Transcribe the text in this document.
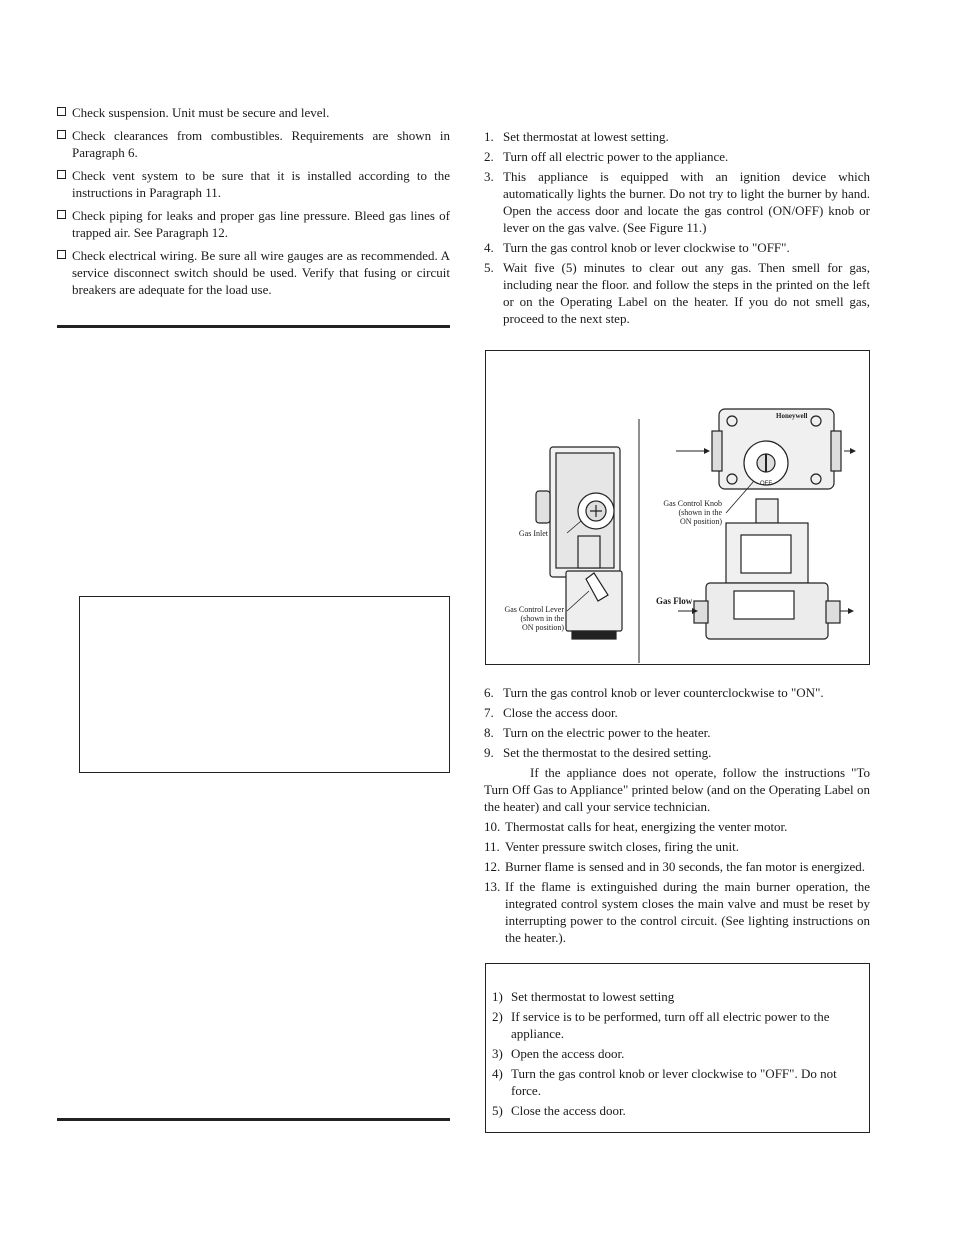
Check suspension. Unit must be secure and level.
Check clearances from combustibles. Requirements are shown in Paragraph 6.
Check vent system to be sure that it is installed according to the instructions in Paragraph 11.
Check piping for leaks and proper gas line pressure. Bleed gas lines of trapped air. See Paragraph 12.
Check electrical wiring. Be sure all wire gauges are as recommended. A service disconnect switch should be used. Verify that fusing or circuit breakers are adequate for the load use.
1. Set thermostat at lowest setting.
2. Turn off all electric power to the appliance.
3. This appliance is equipped with an ignition device which automatically lights the burner. Do not try to light the burner by hand. Open the access door and locate the gas control (ON/OFF) knob or lever on the gas valve. (See Figure 11.)
4. Turn the gas control knob or lever clockwise to "OFF".
5. Wait five (5) minutes to clear out any gas. Then smell for gas, including near the floor. and follow the steps in the printed on the left or on the Operating Label on the heater. If you do not smell gas, proceed to the next step.
Honeywell
OFF
Gas Inlet
Gas Control Lever
(shown in the
ON position)
Gas Control Knob
(shown in the
ON position)
Gas Flow
6. Turn the gas control knob or lever counterclockwise to "ON".
7. Close the access door.
8. Turn on the electric power to the heater.
9. Set the thermostat to the desired setting.

If the appliance does not operate, follow the instructions "To Turn Off Gas to Appliance" printed below (and on the Operating Label on the heater) and call your service technician.

10. Thermostat calls for heat, energizing the venter motor.
11. Venter pressure switch closes, firing the unit.
12. Burner flame is sensed and in 30 seconds, the fan motor is energized.
13. If the flame is extinguished during the main burner operation, the integrated control system closes the main valve and must be reset by interrupting power to the control circuit. (See lighting instructions on the heater.).
1) Set thermostat to lowest setting
2) If service is to be performed, turn off all electric power to the appliance.
3) Open the access door.
4) Turn the gas control knob or lever clockwise to "OFF". Do not force.
5) Close the access door.
